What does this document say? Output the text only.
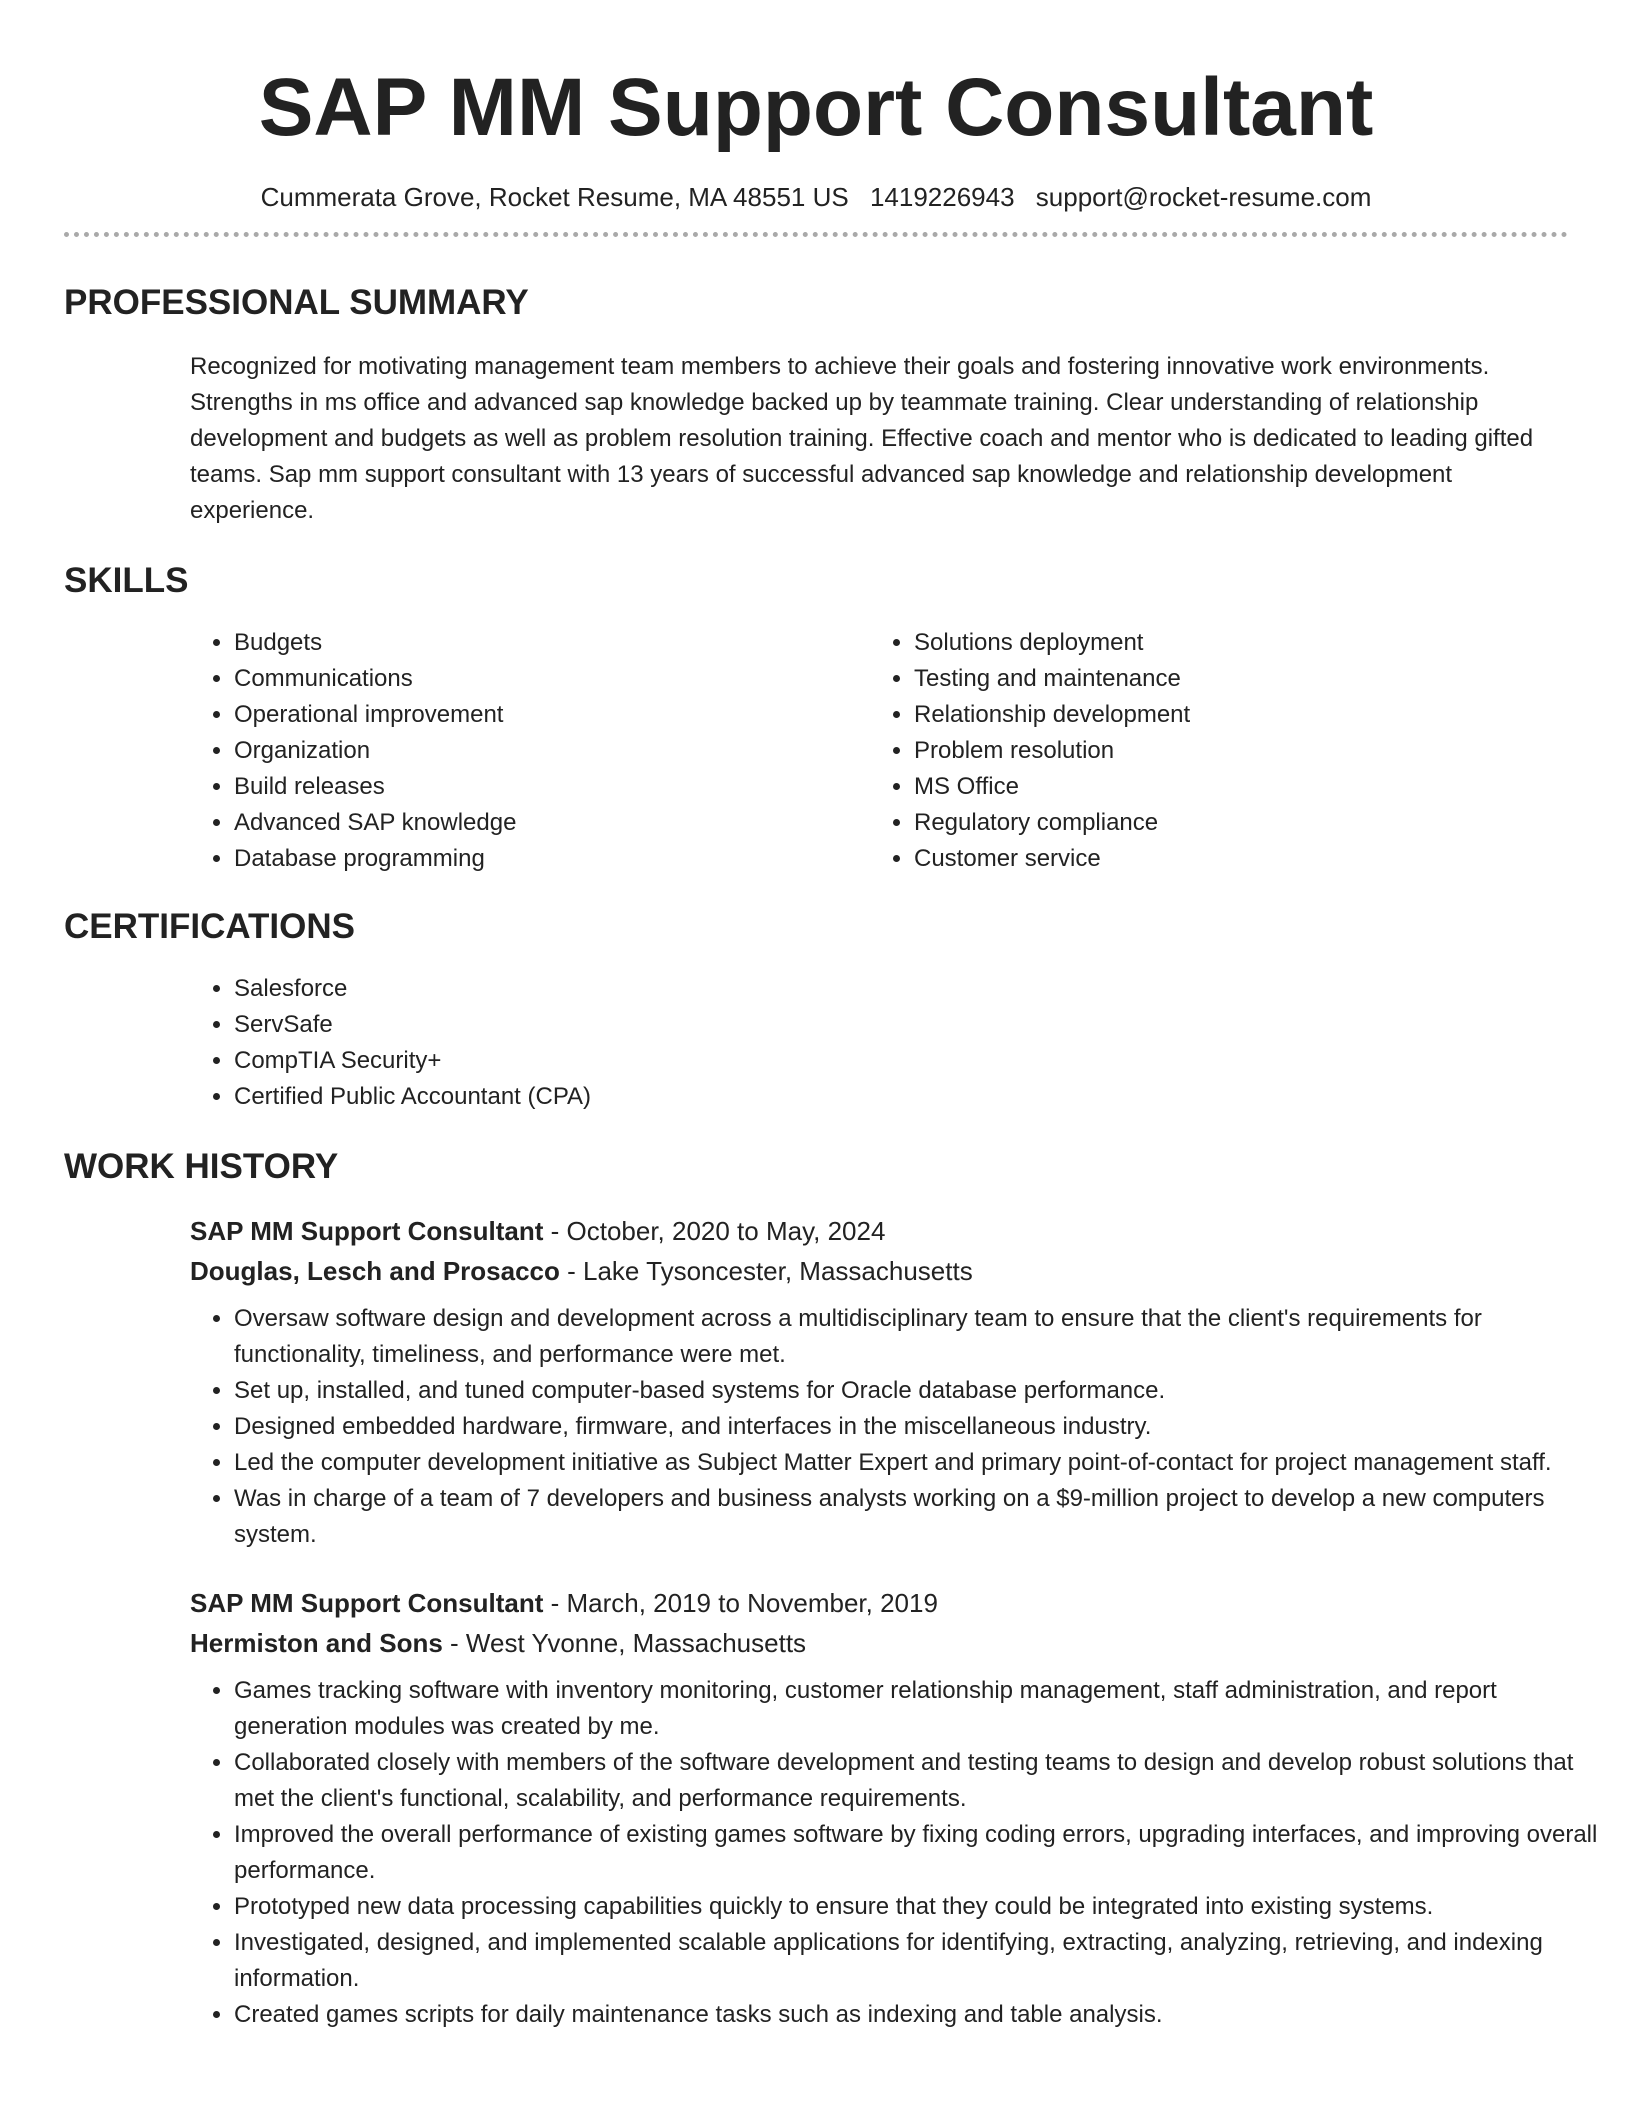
SAP MM Support Consultant
Cummerata Grove, Rocket Resume, MA 48551 US 1419226943 support@rocket-resume.com
PROFESSIONAL SUMMARY

Recognized for motivating management team members to achieve their goals and fostering innovative work environments. Strengths in ms office and advanced sap knowledge backed up by teammate training. Clear understanding of relationship development and budgets as well as problem resolution training. Effective coach and mentor who is dedicated to leading gifted teams. Sap mm support consultant with 13 years of successful advanced sap knowledge and relationship development experience.

SKILLS
• Budgets
• Communications
• Operational improvement
• Organization
• Build releases
• Advanced SAP knowledge
• Database programming
• Solutions deployment
• Testing and maintenance
• Relationship development
• Problem resolution
• MS Office
• Regulatory compliance
• Customer service
CERTIFICATIONS
• Salesforce
• ServSafe
• CompTIA Security+
• Certified Public Accountant (CPA)
WORK HISTORY
SAP MM Support Consultant - October, 2020 to May, 2024
Douglas, Lesch and Prosacco - Lake Tysoncester, Massachusetts
• Oversaw software design and development across a multidisciplinary team to ensure that the client's requirements for functionality, timeliness, and performance were met.
• Set up, installed, and tuned computer-based systems for Oracle database performance.
• Designed embedded hardware, firmware, and interfaces in the miscellaneous industry.
• Led the computer development initiative as Subject Matter Expert and primary point-of-contact for project management staff.
• Was in charge of a team of 7 developers and business analysts working on a $9-million project to develop a new computers system.
SAP MM Support Consultant - March, 2019 to November, 2019
Hermiston and Sons - West Yvonne, Massachusetts
• Games tracking software with inventory monitoring, customer relationship management, staff administration, and report generation modules was created by me.
• Collaborated closely with members of the software development and testing teams to design and develop robust solutions that met the client's functional, scalability, and performance requirements.
• Improved the overall performance of existing games software by fixing coding errors, upgrading interfaces, and improving overall performance.
• Prototyped new data processing capabilities quickly to ensure that they could be integrated into existing systems.
• Investigated, designed, and implemented scalable applications for identifying, extracting, analyzing, retrieving, and indexing information.
• Created games scripts for daily maintenance tasks such as indexing and table analysis.
